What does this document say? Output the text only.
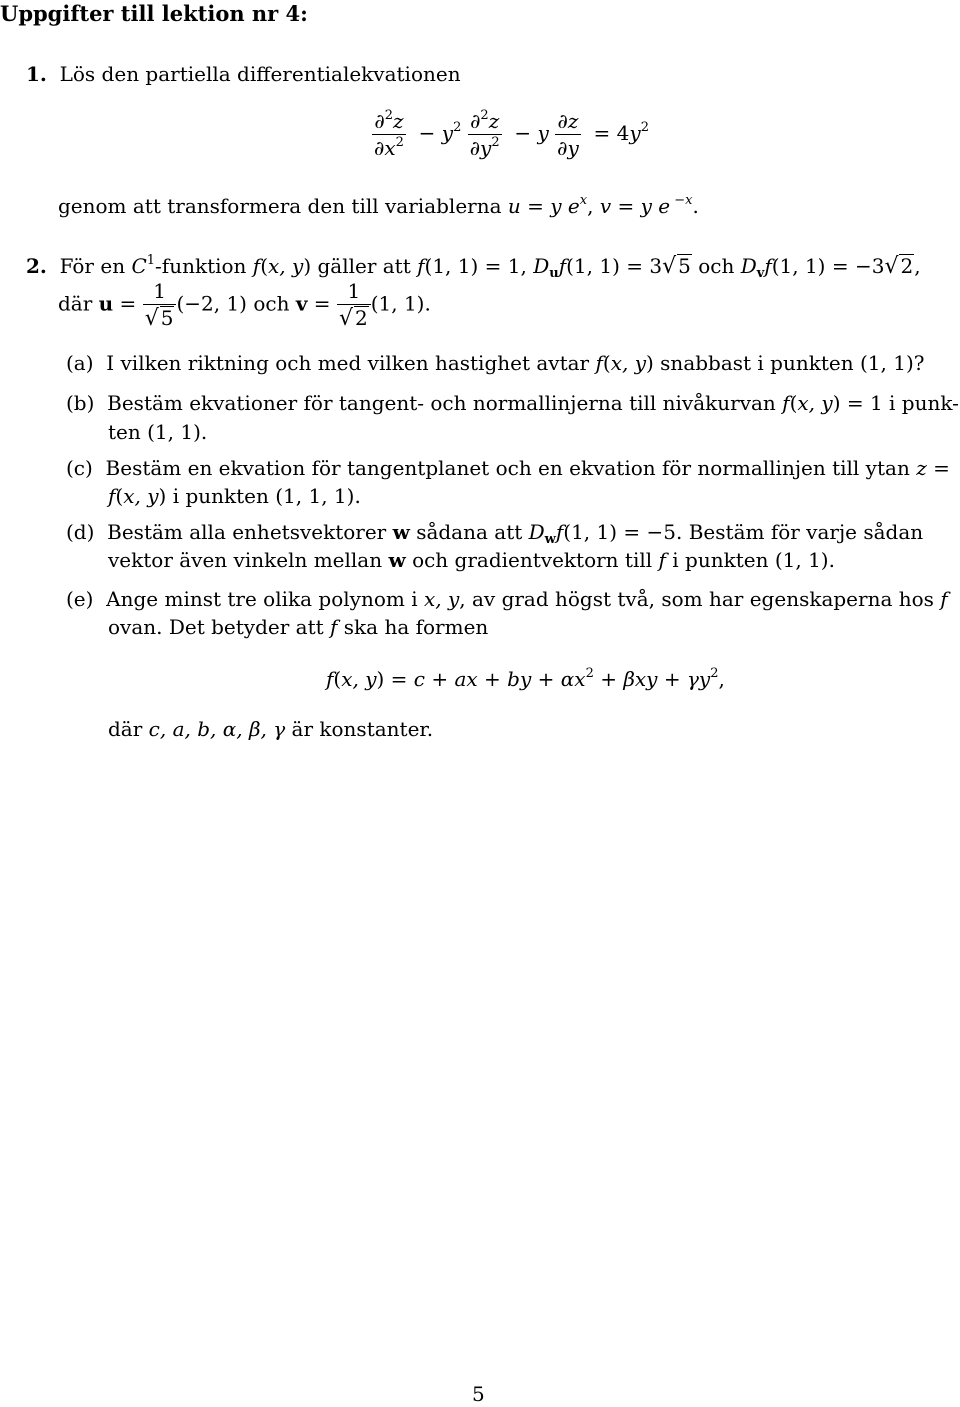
Uppgifter till lektion nr 4:
1. Lös den partiella differentialekvationen
$\frac{\partial^2z}{\partial x^2} - y^2 \frac{\partial^2z}{\partial y^2} - y \frac{\partial z}{\partial y} = 4y^2$
genom att transformera den till variablerna u = y $e^x$, v = y e $^{-x}$.
2. För en $C^1$-funktion f(x, y) gäller att f(1, 1) = 1, $D_uf(1$, 1) = 3√ 5 och $D_vf(1$, 1) = −3√ 2,
där $u = \frac{1}{√ 5} (-2$, 1) och $v = \frac{1}{√ 2} (1$, 1).
(a) I vilken riktning och med vilken hastighet avtar f(x, y) snabbast i punkten (1, 1)?
(b) Bestäm ekvationer för tangent- och normallinjerna till nivåkurvan f(x, y) = 1 i punk-
ten (1, 1).
(c) Bestäm en ekvation för tangentplanet och en ekvation för normallinjen till ytan z =
f(x, y) i punkten (1, 1, 1).
(d) Bestäm alla enhetsvektorer w sådana att $D_wf(1$, 1) = −5. Bestäm för varje sådan
vektor även vinkeln mellan w och gradientvektorn till f i punkten (1, 1).
(e) Ange minst tre olika polynom i x, y, av grad högst två, som har egenskaperna hos f
ovan. Det betyder att f ska ha formen
f(x, y) = c + ax + by + $\alpha x^2 + \beta xy + \gamma y^2$,
där c, a, b, α, β, γ är konstanter.
5
